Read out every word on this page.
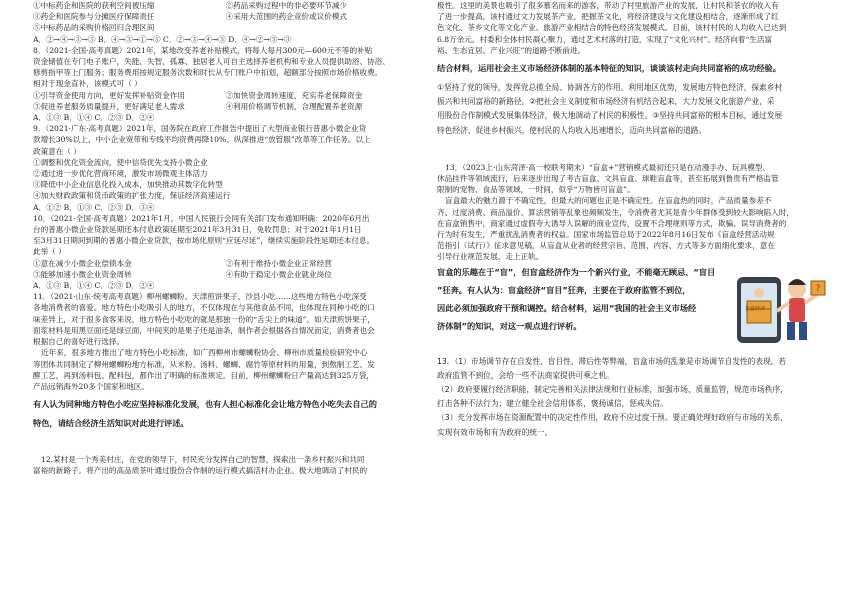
①中标药企和医院的获利空间被压缩	②药品采购过程中的非必要环节减少
③药企和医院参与分摊医疗保障责任	④采用大范围的药企竞价或议价模式
⑤中标药品的采购价格回归合理区间
A．②→④→③→⑤ B．④→③→①→⑤ C．②→③→④→⑤ D．④→②→⑤→③
8．（2021·全国·高考真题）2021年，某地改变养老补贴模式，将每人每月300元—600元不等的补贴
资金储值在专门电子账户，失能、失智、孤寡、独居老人可自主选择养老机构和专业人员提供助浴、协浴、
修剪指甲等上门服务；服务费用按规定服务次数和时长从专门账户中扣划，超额部分按照市场价格收费。
相对于现金直补，该模式可（ ）
①引导资金使用方向，更好发挥补贴资金作用	②加快资金周转速度，充实养老保障资金
③促进养老服务质量提升，更好满足老人需求	④利用价格调节机制，合理配置养老资源
A．①③ B．①④ C．②③ D．②④
9．（2021·广东·高考真题）2021年，国务院在政府工作报告中提出了大型商业银行普惠小微企业贷
款增长30%以上、中小企业宽带和专线平均资费再降10%、纵深推进“放管服”改革等工作任务。以上
政策意在（ ）
①调整和优化资金流向，使中信贷优先支持小微企业
②通过进一步优化营商环境，激发市场微观主体活力
③降低中小企业信息化投入成本，加快推动其数字化转型
④加大财政政策和货币政策的扩张力度，保证经济高速运行
A．①② B．①③ C．②③ D．③④
10．（2021·全国·高考真题）2021年1月，中国人民银行会同有关部门发布通知明确：2020年6月出
台的普惠小微企业贷款延期还本付息政策延期至2021年3月31日，免收罚息；对于2021年1月1日
至3月31日期间到期的普惠小微企业贷款，按市场化原则“应延尽延”，继续实施阶段性延期还本付息。
此举（ ）
①意在减少小微企业偿债本金	②有利于维持小微企业正常经营
③能够加速小微企业资金周转	④有助于稳定小微企业就业岗位
A．①③ B．①④ C．②③ D．②④
11．（2021·山东·统考高考真题）柳州螺蛳粉、天津煎饼果子、沙县小吃……这些地方特色小吃深受
各地消费者的喜爱。地方特色小吃吸引人的地方，不仅体现在与其他食品不同，也体现在同种小吃的口
味差异上，对于很多食客来说，地方特色小吃吃的就是那独一份的“舌尖上的味道”。如天津煎饼果子，
面浆材料是用黑豆面还是绿豆面，中间夹的是果子还是油条，制作者会根据各自情况而定，消费者也会
根据自己的喜好进行选择。
近年来，很多地方推出了地方特色小吃标准，如广西柳州市螺蛳粉协会、柳州市质量检验研究中心
等团体共同制定了柳州螺蛳粉地方标准，从米粉、汤料、螺蛳、腐竹等原材料的用量，到熬制工艺、发
酵工艺，再到汤料包、配料包，都作出了明确的标准规定。目前，柳州螺蛳粉日产量高达到325万袋，
产品远销海外20多个国家和地区。
有人认为同种地方特色小吃应坚持标准化发展，也有人担心标准化会让地方特色小吃失去自己的
特色，请结合经济生活知识对此进行评述。
12.某村是一个秀美村庄，在党的领导下，村民充分发挥自己的智慧，探索出一条乡村振兴和共同
富裕的新路子。将产出的高品质茶叶通过股份合作制的运行模式搞活村办企业。极大地调动了村民的
极性。这里的美景也吸引了很多慕名而来的游客，带动了村里旅游产业的发展，让村民和茶农的收入有
了进一步提高。该村通过文力发展茶产业，把握茶文化，将经济建设与文化建设相结合，逐渐形成了红
色文化、茶乡文化等文化产业、旅游产业相结合的特色经济发展模式。目前，该村村民的人均收入已达到
6.8万余元。村委和全体村民凝心聚力，通过艺术村落的打造，实现了“文化兴村”。经济向着“生活富
裕、生态宜居、产业兴旺”的道路不断前进。
结合材料，运用社会主义市场经济体制的基本特征的知识，谈谈该村走向共同富裕的成功经验。
①坚持了党的领导，发挥党总揽全局、协调各方的作用。利用地区优势，发展地方特色经济，探索乡村
振兴和共同富裕的新路径。②把社会主义制度和市场经济有机结合起来，大力发展文化旅游产业，采
用股份合作制模式发展集体经济，极大地调动了村民的积极性。③坚持共同富裕的根本目标，通过发展
特色经济、促进乡村振兴，使村民的人均收入迅速增长，迈向共同富裕的道路。
13．（2023上·山东菏泽·高一校联考期末）“盲盒+”营销模式最初还只是在动漫手办、玩具模型、
休品挂件等领域流行，后来逐步出现了考古盲盒、文具盲盒、球鞋盲盒等，甚至拓展到鲁贵有严格监管
限制的宠物、食品等领域，一时间，似乎“万物皆可盲盒”。
盲盒最大的魅力源于不确定性，但最大的问题也正是不确定性。在盲盒热的同时，产品质量参差不
齐、过度消费、商品溢价、算法营销等乱象也频频发生，令消费者尤其是青少年群体受到较大影响陷入时，
在盲盒销售中，商家通过虚假夸大诱导人误解的商业宣传，设置不合理规则等方式，欺骗、误导消费者的
行为时有发生，严重扰乱消费者的权益。国家市场监管总局于2022年8月16日发布《盲盒经营活动规
范指引（试行）》征求意见稿，从盲盒从业者的经营宗旨、范围、内容、方式等多方面细化要求，意在
引导行业规范发展、走上正轨。
盲盒的乐趣在于“盲”，但盲盒经济作为一个新兴行业，不能毫无顾忌、“盲目
”狂奔。有人认为：盲盒经济“盲目”狂奔，主要在于政府监管不到位，
因此必须加强政府干预和调控。结合材料，运用“我国的社会主义市场经
济体制”的知识，对这一观点进行评析。
?
盲盒经济
13．（1）市场调节存在自发性、盲目性、滞后性等弊端，盲盒市场的乱象是市场调节自发性的表现。若
政府监管不到位，会给一些不法商家提供可乘之机。
（2）政府要履行经济职能，制定完善相关法律法规和行业标准，加强市场、质量监管，规范市场秩序，
打击各种不法行为；建立健全社会信用体系，褒扬诚信，惩戒失信。
（3）充分发挥市场在资源配置中的决定性作用，政府不应过度干预。要正确处理好政府与市场的关系，
实现有效市场和有为政府的统一。
